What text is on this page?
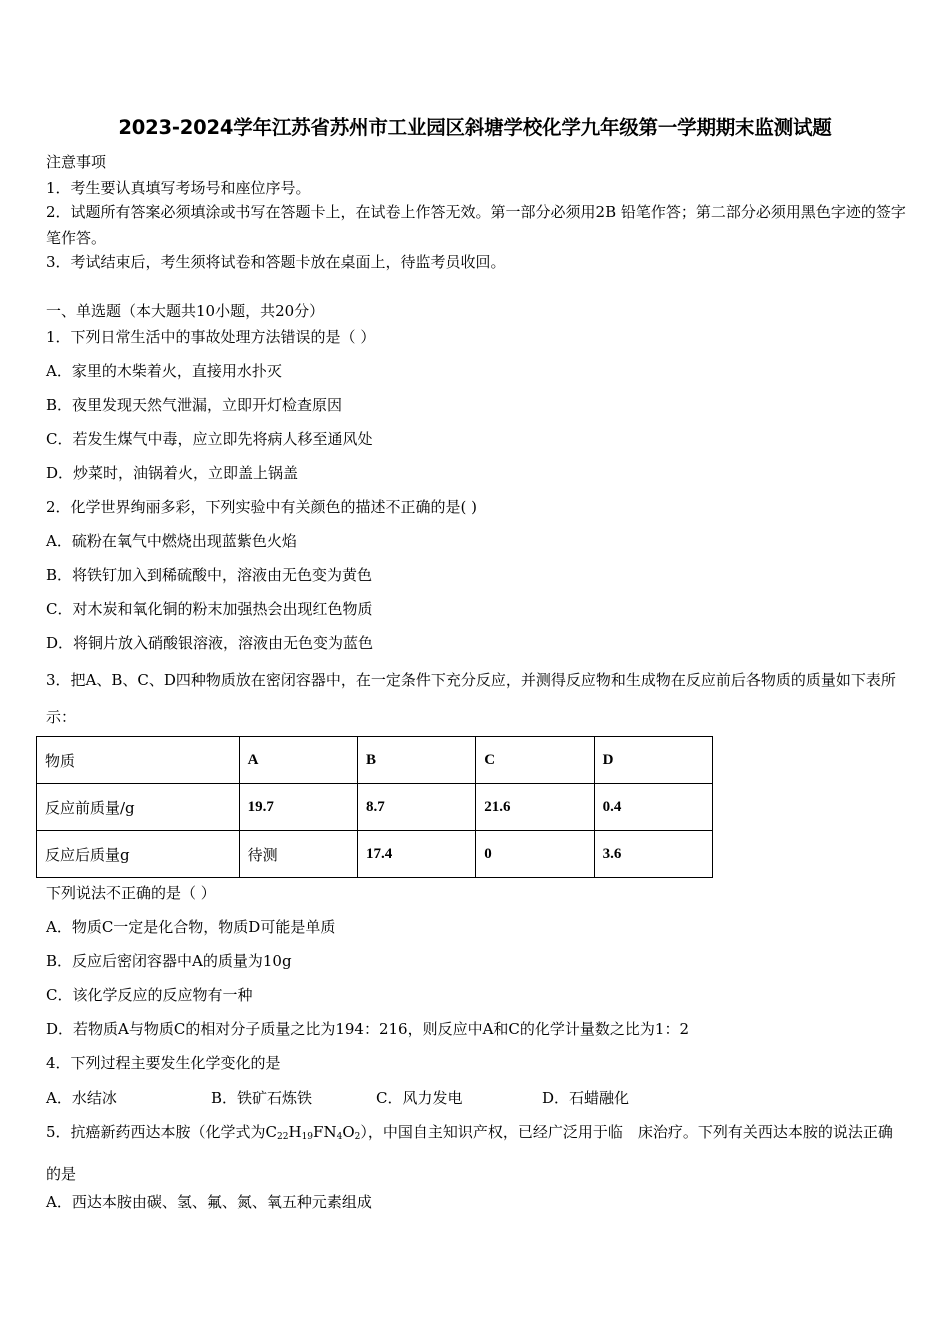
2023-2024学年江苏省苏州市工业园区斜塘学校化学九年级第一学期期末监测试题
注意事项
1．考生要认真填写考场号和座位序号。
2．试题所有答案必须填涂或书写在答题卡上，在试卷上作答无效。第一部分必须用2B 铅笔作答；第二部分必须用黑色字迹的签字笔作答。
3．考试结束后，考生须将试卷和答题卡放在桌面上，待监考员收回。
一、单选题（本大题共10小题，共20分）
1．下列日常生活中的事故处理方法错误的是（ ）
A．家里的木柴着火，直接用水扑灭
B．夜里发现天然气泄漏，立即开灯检查原因
C．若发生煤气中毒，应立即先将病人移至通风处
D．炒菜时，油锅着火，立即盖上锅盖
2．化学世界绚丽多彩，下列实验中有关颜色的描述不正确的是( )
A．硫粉在氧气中燃烧出现蓝紫色火焰
B．将铁钉加入到稀硫酸中，溶液由无色变为黄色
C．对木炭和氧化铜的粉末加强热会出现红色物质
D．将铜片放入硝酸银溶液，溶液由无色变为蓝色
3．把A、B、C、D四种物质放在密闭容器中，在一定条件下充分反应，并测得反应物和生成物在反应前后各物质的质量如下表所示：
物质	A	B	C	D
反应前质量/g	19.7	8.7	21.6	0.4
反应后质量g	待测	17.4	0	3.6
下列说法不正确的是（ ）
A．物质C一定是化合物，物质D可能是单质
B．反应后密闭容器中A的质量为10g
C．该化学反应的反应物有一种
D．若物质A与物质C的相对分子质量之比为194：216，则反应中A和C的化学计量数之比为1：2
4．下列过程主要发生化学变化的是
A．水结冰	B．铁矿石炼铁	C．风力发电	D．石蜡融化
5．抗癌新药西达本胺（化学式为$C_{22}H_{19}FN_4O_2$），中国自主知识产权，已经广泛用于临　床治疗。下列有关西达本胺的说法正确的是
A．西达本胺由碳、氢、氟、氮、氧五种元素组成
